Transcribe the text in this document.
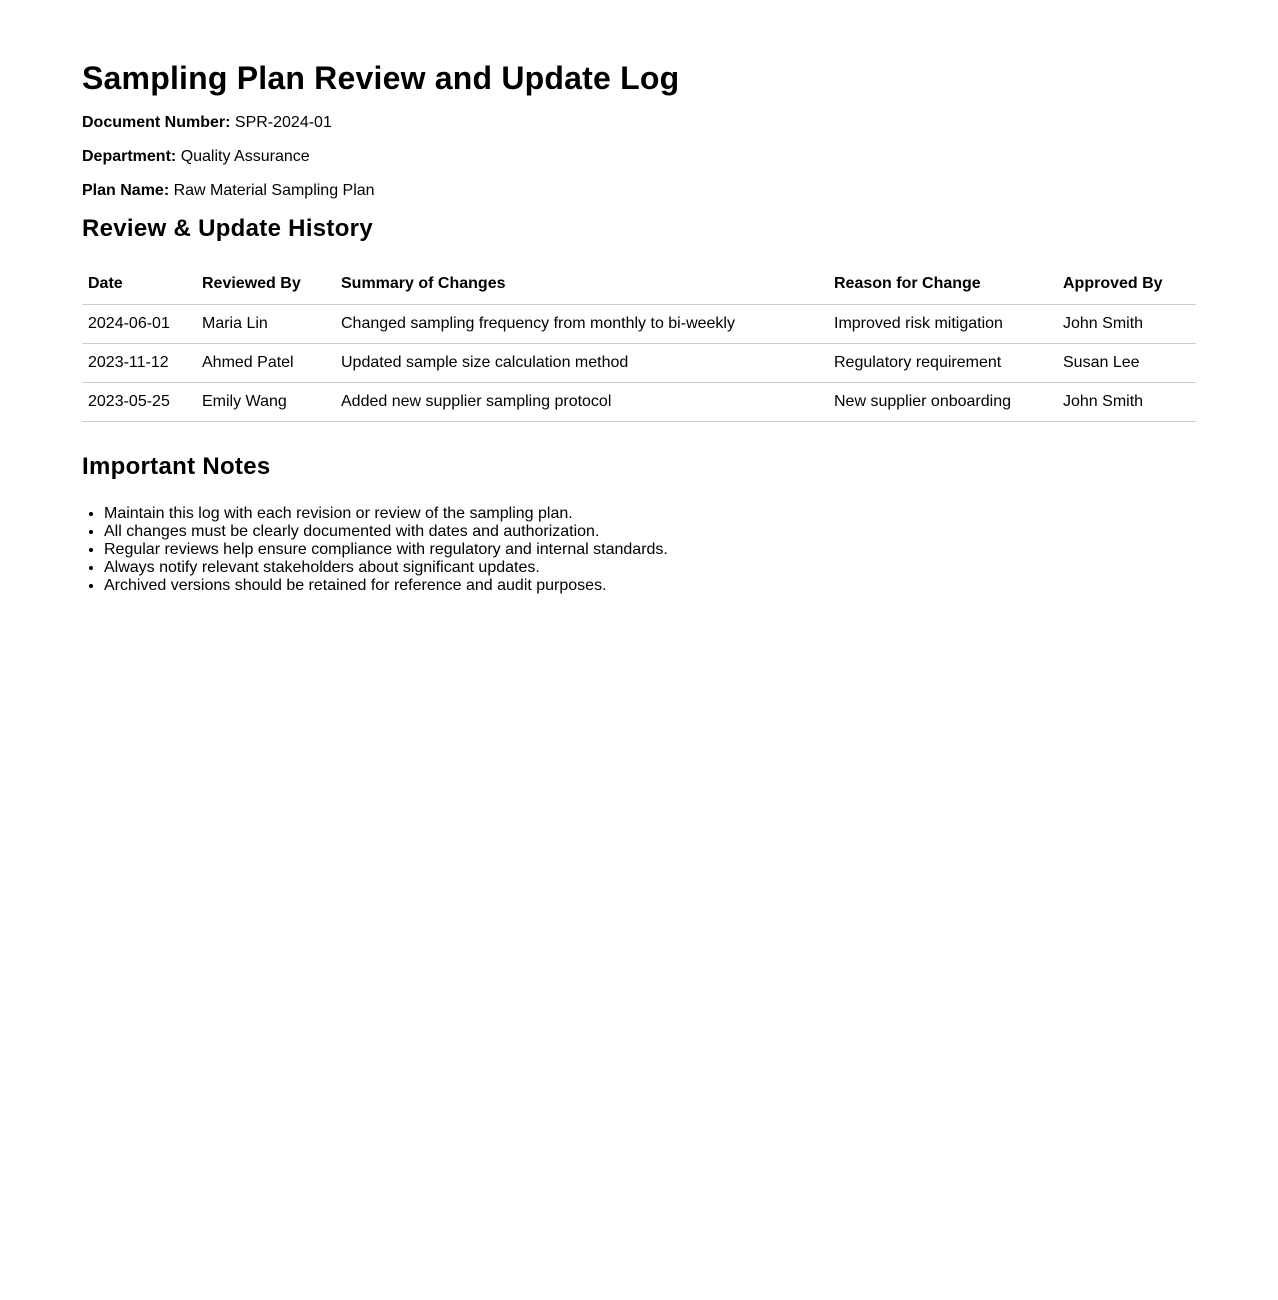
Sampling Plan Review and Update Log

Document Number: SPR-2024-01

Department: Quality Assurance

Plan Name: Raw Material Sampling Plan

Review & Update History
Date	Reviewed By	Summary of Changes	Reason for Change	Approved By
2024-06-01	Maria Lin	Changed sampling frequency from monthly to bi-weekly	Improved risk mitigation	John Smith
2023-11-12	Ahmed Patel	Updated sample size calculation method	Regulatory requirement	Susan Lee
2023-05-25	Emily Wang	Added new supplier sampling protocol	New supplier onboarding	John Smith
Important Notes
• Maintain this log with each revision or review of the sampling plan.
• All changes must be clearly documented with dates and authorization.
• Regular reviews help ensure compliance with regulatory and internal standards.
• Always notify relevant stakeholders about significant updates.
• Archived versions should be retained for reference and audit purposes.
